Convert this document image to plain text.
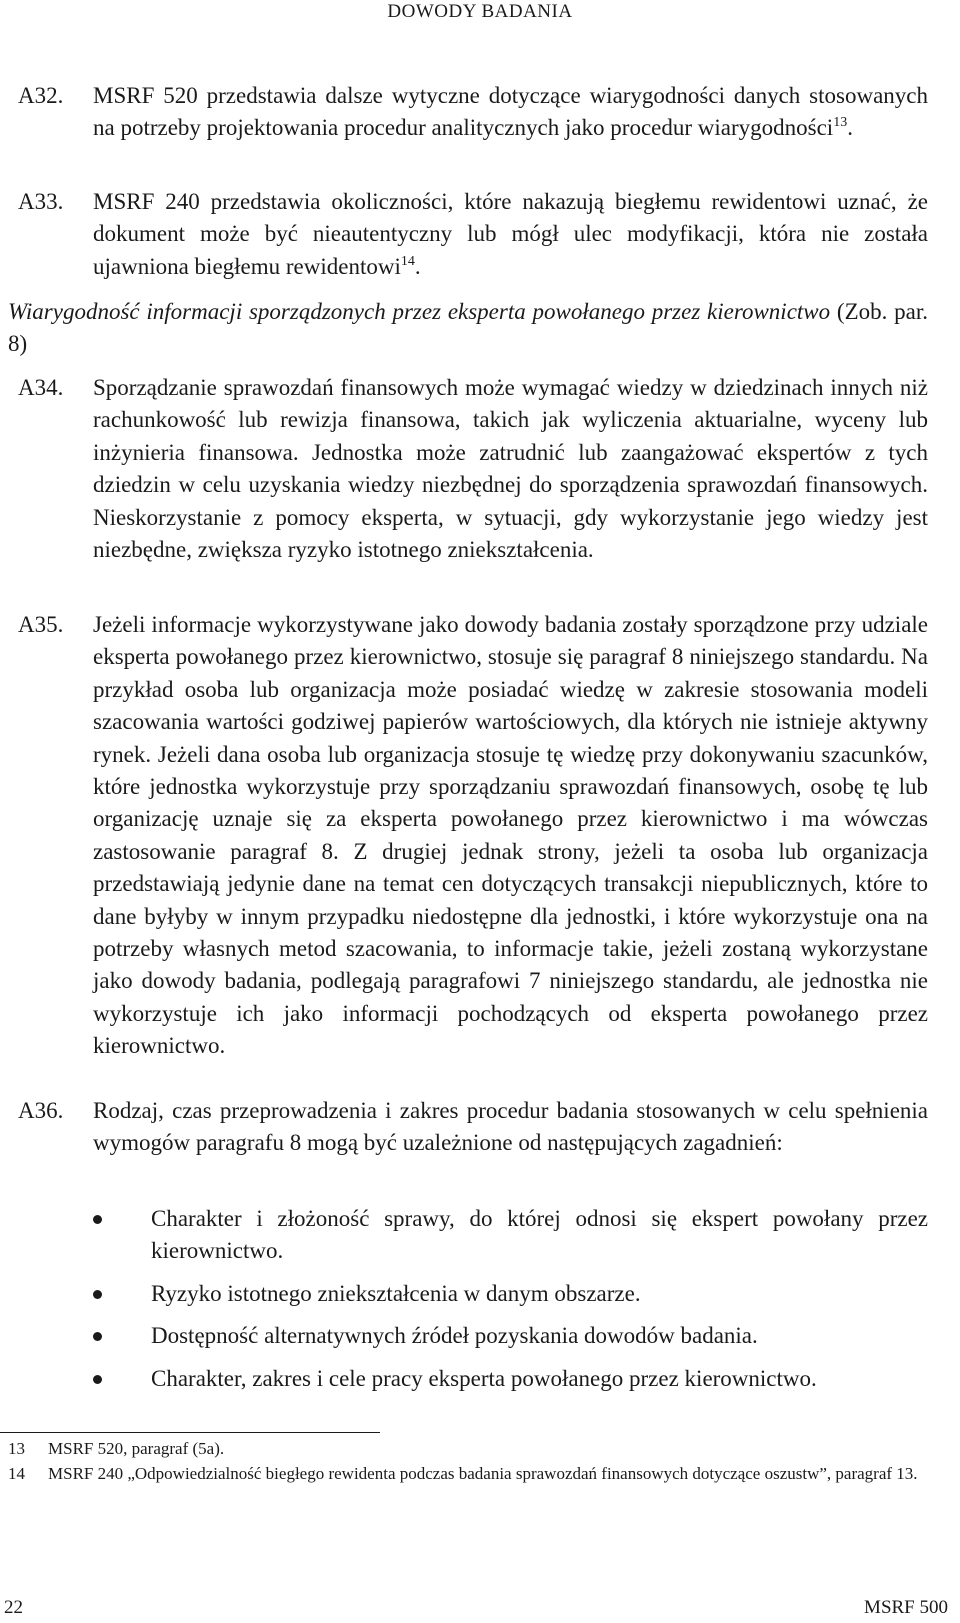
DOWODY BADANIA
A32.	MSRF 520 przedstawia dalsze wytyczne dotyczące wiarygodności danych stosowanych na potrzeby projektowania procedur analitycznych jako procedur wiarygodności$^{13}$.
A33.	MSRF 240 przedstawia okoliczności, które nakazują biegłemu rewidentowi uznać, że dokument może być nieautentyczny lub mógł ulec modyfikacji, która nie została ujawniona biegłemu rewidentowi$^{14}$.
Wiarygodność informacji sporządzonych przez eksperta powołanego przez kierownictwo (Zob. par. 8)
A34.	Sporządzanie sprawozdań finansowych może wymagać wiedzy w dziedzinach innych niż rachunkowość lub rewizja finansowa, takich jak wyliczenia aktuarialne, wyceny lub inżynieria finansowa. Jednostka może zatrudnić lub zaangażować ekspertów z tych dziedzin w celu uzyskania wiedzy niezbędnej do sporządzenia sprawozdań finansowych. Nieskorzystanie z pomocy eksperta, w sytuacji, gdy wykorzystanie jego wiedzy jest niezbędne, zwiększa ryzyko istotnego zniekształcenia.
A35.	Jeżeli informacje wykorzystywane jako dowody badania zostały sporządzone przy udziale eksperta powołanego przez kierownictwo, stosuje się paragraf 8 niniejszego standardu. Na przykład osoba lub organizacja może posiadać wiedzę w zakresie stosowania modeli szacowania wartości godziwej papierów wartościowych, dla których nie istnieje aktywny rynek. Jeżeli dana osoba lub organizacja stosuje tę wiedzę przy dokonywaniu szacunków, które jednostka wykorzystuje przy sporządzaniu sprawozdań finansowych, osobę tę lub organizację uznaje się za eksperta powołanego przez kierownictwo i ma wówczas zastosowanie paragraf 8. Z drugiej jednak strony, jeżeli ta osoba lub organizacja przedstawiają jedynie dane na temat cen dotyczących transakcji niepublicznych, które to dane byłyby w innym przypadku niedostępne dla jednostki, i które wykorzystuje ona na potrzeby własnych metod szacowania, to informacje takie, jeżeli zostaną wykorzystane jako dowody badania, podlegają paragrafowi 7 niniejszego standardu, ale jednostka nie wykorzystuje ich jako informacji pochodzących od eksperta powołanego przez kierownictwo.
A36.	Rodzaj, czas przeprowadzenia i zakres procedur badania stosowanych w celu spełnienia wymogów paragrafu 8 mogą być uzależnione od następujących zagadnień:
Charakter i złożoność sprawy, do której odnosi się ekspert powołany przez kierownictwo.
Ryzyko istotnego zniekształcenia w danym obszarze.
Dostępność alternatywnych źródeł pozyskania dowodów badania.
Charakter, zakres i cele pracy eksperta powołanego przez kierownictwo.
13	MSRF 520, paragraf (5a).
14	MSRF 240 „Odpowiedzialność biegłego rewidenta podczas badania sprawozdań finansowych dotyczące oszustw”, paragraf 13.
22	MSRF 500
